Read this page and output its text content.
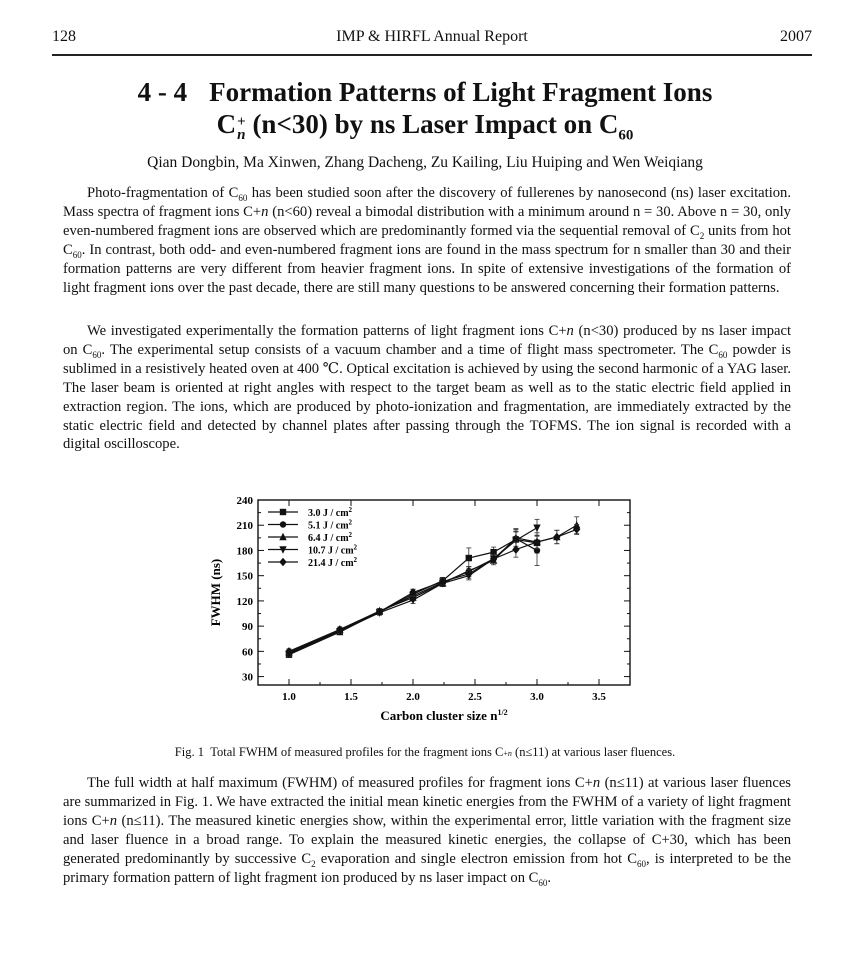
128	IMP & HIRFL Annual Report	2007
4 - 4 Formation Patterns of Light Fragment Ions
C +
n (n<30) by ns Laser Impact on $C_{60}$
Qian Dongbin, Ma Xinwen, Zhang Dacheng, Zu Kailing, Liu Huiping and Wen Weiqiang

Photo-fragmentation of $C_{60}$ has been studied soon after the discovery of fullerenes by nanosecond (ns) laser excitation. Mass spectra of fragment ions C+n (n<60) reveal a bimodal distribution with a minimum around n = 30. Above n = 30, only even-numbered fragment ions are observed which are predominantly formed via the sequential removal of $C_2$ units from hot $C_{60}$. In contrast, both odd- and even-numbered fragment ions are found in the mass spectrum for n smaller than 30 and their formation patterns are very different from heavier fragment ions. In spite of extensive investigations of the formation of light fragment ions over the past decade, there are still many questions to be answered concerning their formation patterns.

We investigated experimentally the formation patterns of light fragment ions C+n (n<30) produced by ns laser impact on $C_{60}$. The experimental setup consists of a vacuum chamber and a time of flight mass spectrometer. The $C_{60}$ powder is sublimed in a resistively heated oven at 400 ℃. Optical excitation is achieved by using the second harmonic of a YAG laser. The laser beam is oriented at right angles with respect to the target beam as well as to the static electric field applied in extraction region. The ions, which are produced by photo-ionization and fragmentation, are immediately extracted by the static electric field and detected by channel plates after passing through the TOFMS. The ion signal is recorded with a digital oscilloscope.

1.0	1.5	2.0	2.5	3.0	3.5
30
60
90
120
150
180
210
240
Carbon cluster size $n^{1/2}$
FWHM (ns)
3.0 J / $cm^2$
5.1 J / $cm^2$
6.4 J / $cm^2$
10.7 J / $cm^2$
21.4 J / $cm^2$
Fig. 1 Total FWHM of measured profiles for the fragment ions C+n (n≤11) at various laser fluences.

The full width at half maximum (FWHM) of measured profiles for fragment ions C+n (n≤11) at various laser fluences are summarized in Fig. 1. We have extracted the initial mean kinetic energies from the FWHM of a variety of light fragment ions C+n (n≤11). The measured kinetic energies show, within the experimental error, little variation with the fragment size and laser fluence in a broad range. To explain the measured kinetic energies, the collapse of C+30, which has been generated predominantly by successive $C_2$ evaporation and single electron emission from hot $C_{60}$, is interpreted to be the primary formation pattern of light fragment ion produced by ns laser impact on $C_{60}$.
